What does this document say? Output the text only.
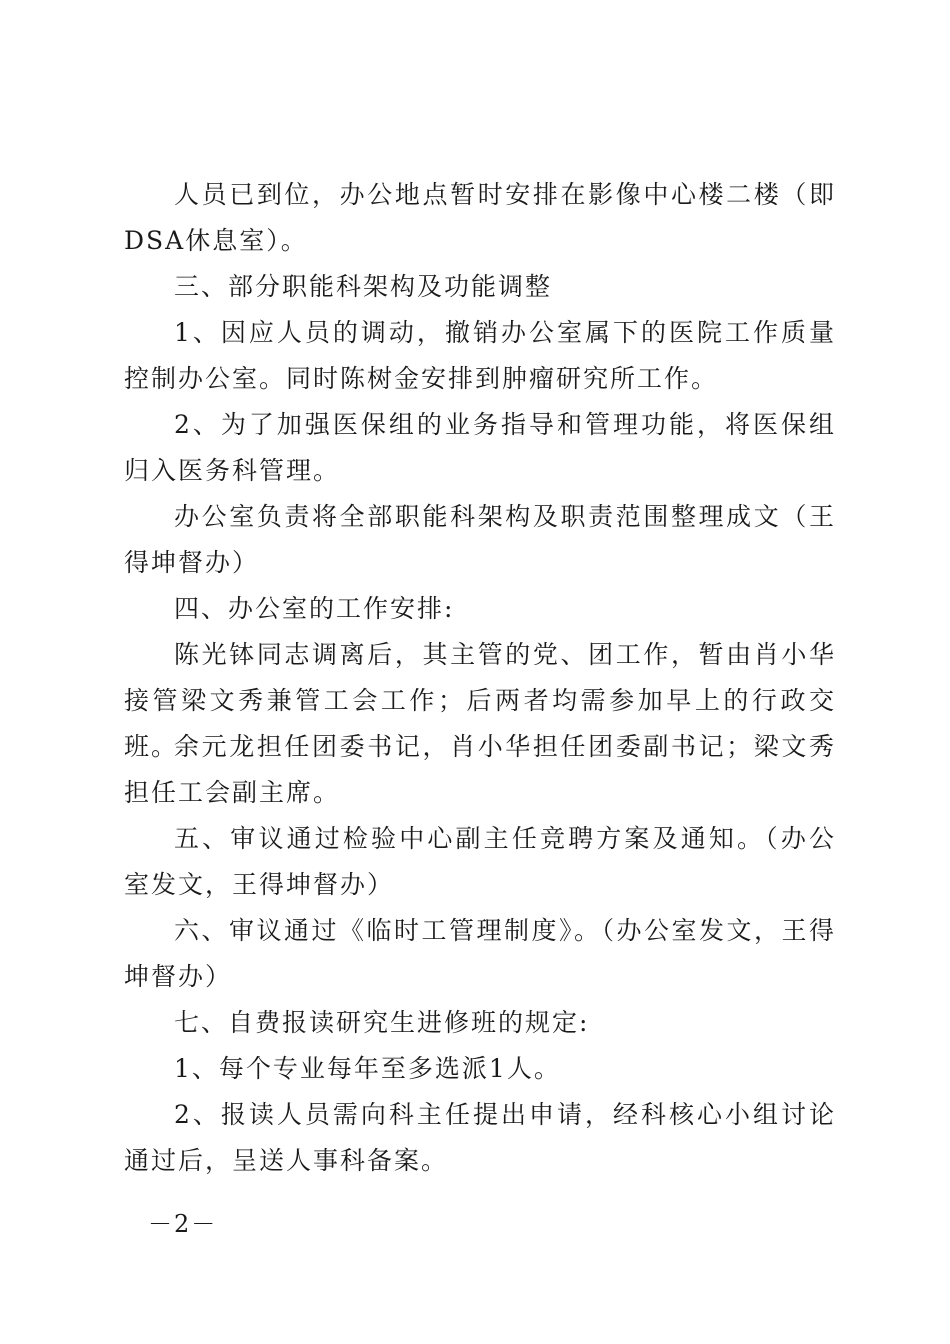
人员已到位，办公地点暂时安排在影像中心楼二楼（即DSA休息室）。

三、部分职能科架构及功能调整

1、因应人员的调动，撤销办公室属下的医院工作质量控制办公室。同时陈树金安排到肿瘤研究所工作。

2、为了加强医保组的业务指导和管理功能，将医保组归入医务科管理。

办公室负责将全部职能科架构及职责范围整理成文（王得坤督办）

四、办公室的工作安排:

陈光钵同志调离后，其主管的党、团工作，暂由肖小华接管梁文秀兼管工会工作；后两者均需参加早上的行政交班。

余元龙担任团委书记，肖小华担任团委副书记；梁文秀担任工会副主席。

五、审议通过检验中心副主任竞聘方案及通知。（办公室发文，王得坤督办）

六、审议通过《临时工管理制度》。（办公室发文，王得坤督办）

七、自费报读研究生进修班的规定:

1、每个专业每年至多选派1人。

2、报读人员需向科主任提出申请，经科核心小组讨论通过后，呈送人事科备案。

－2－
